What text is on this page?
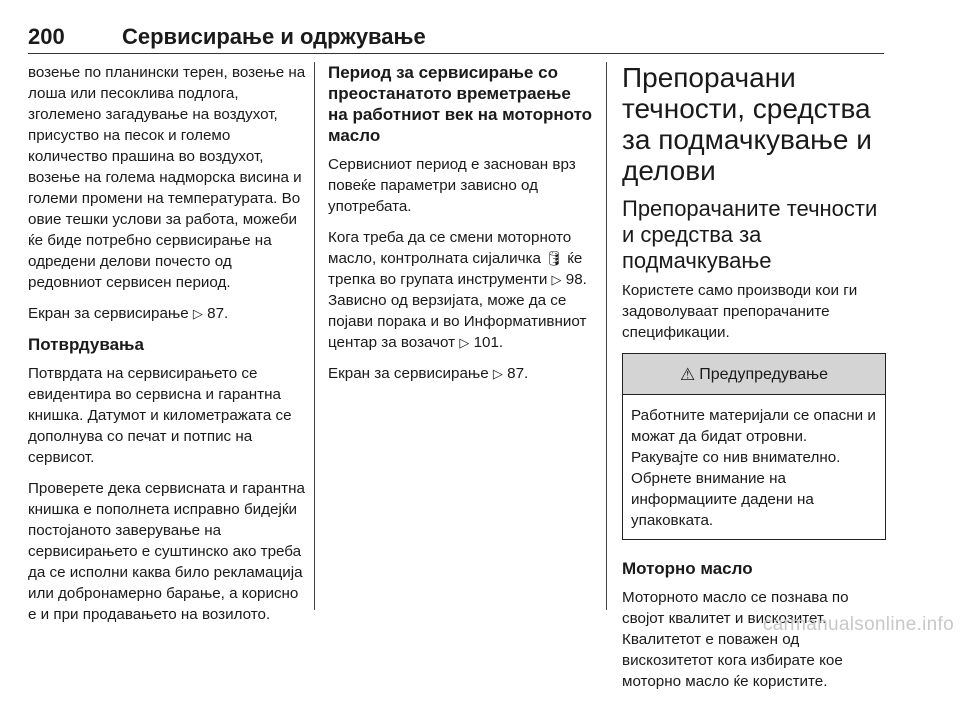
200	Сервисирање и одржување

возење по планински терен, возење на лоша или песоклива подлога, зголемено загадување на воздухот, присуство на песок и големо количество прашина во воздухот, возење на голема надморска висина и големи промени на температурата. Во овие тешки услови за работа, можеби ќе биде потребно сервисирање на одредени делови почесто од редовниот сервисен период.

Екран за сервисирање ▷ 87.

Потврдувања

Потврдата на сервисирањето се евидентира во сервисна и гарантна книшка. Датумот и километражата се дополнува со печат и потпис на сервисот.

Проверете дека сервисната и гарантна книшка е пополнета исправно бидејќи постојаното заверување на сервисирањето е суштинско ако треба да се исполни каква било рекламација или добронамерно барање, а корисно е и при продавањето на возилото.

Период за сервисирање со преостанатото времетраење на работниот век на моторното масло

Сервисниот период е заснован врз повеќе параметри зависно од употребата.

Кога треба да се смени моторното масло, контролната сијаличка 🛢︎ ќе трепка во групата инструменти ▷ 98. Зависно од верзијата, може да се појави порака и во Информативниот центар за возачот ▷ 101.

Екран за сервисирање ▷ 87.

Препорачани течности, средства за подмачкување и делови
Препорачаните течности и средства за подмачкување

Користете само производи кои ги задоволуваат препорачаните спецификации.

⚠ Предупредување
Работните материјали се опасни и можат да бидат отровни. Ракувајте со нив внимателно. Обрнете внимание на информациите дадени на упаковката.
Моторно масло

Моторното масло се познава по својот квалитет и вискозитет. Квалитетот е поважен од вискозитетот кога избирате кое моторно масло ќе користите.

carmanualsonline.info
